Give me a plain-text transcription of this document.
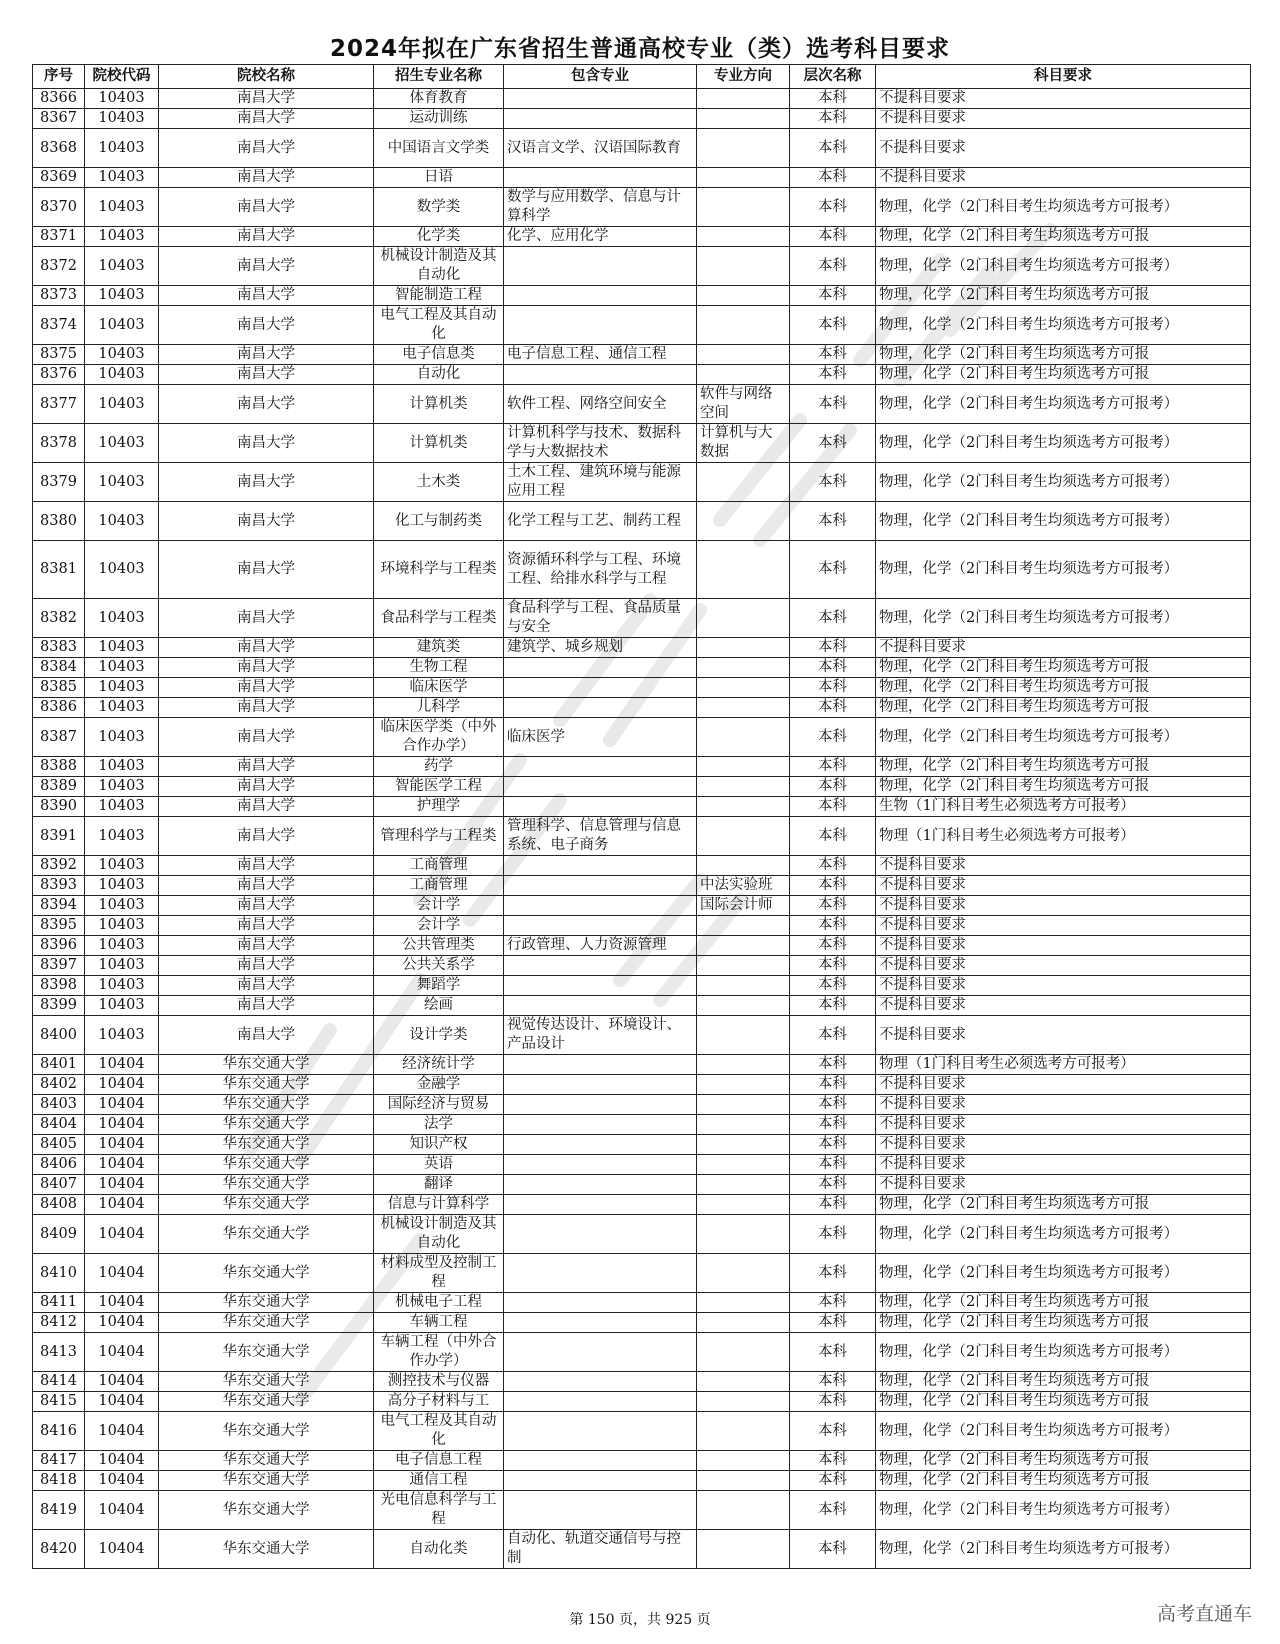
2024年拟在广东省招生普通高校专业（类）选考科目要求
序号	院校代码	院校名称	招生专业名称	包含专业	专业方向	层次名称	科目要求

8366	10403	南昌大学	体育教育			本科	不提科目要求

8367	10403	南昌大学	运动训练			本科	不提科目要求

8368	10403	南昌大学	中国语言文学类	汉语言文学、汉语国际教育		本科	不提科目要求

8369	10403	南昌大学	日语			本科	不提科目要求

8370	10403	南昌大学	数学类	数学与应用数学、信息与计算科学		本科	物理，化学（2门科目考生均须选考方可报考）

8371	10403	南昌大学	化学类	化学、应用化学		本科	物理，化学（2门科目考生均须选考方可报

8372	10403	南昌大学	机械设计制造及其自动化			本科	物理，化学（2门科目考生均须选考方可报考）

8373	10403	南昌大学	智能制造工程			本科	物理，化学（2门科目考生均须选考方可报

8374	10403	南昌大学	电气工程及其自动化			本科	物理，化学（2门科目考生均须选考方可报考）

8375	10403	南昌大学	电子信息类	电子信息工程、通信工程		本科	物理，化学（2门科目考生均须选考方可报

8376	10403	南昌大学	自动化			本科	物理，化学（2门科目考生均须选考方可报

8377	10403	南昌大学	计算机类	软件工程、网络空间安全	软件与网络空间	本科	物理，化学（2门科目考生均须选考方可报考）

8378	10403	南昌大学	计算机类	计算机科学与技术、数据科学与大数据技术	计算机与大数据	本科	物理，化学（2门科目考生均须选考方可报考）

8379	10403	南昌大学	土木类	土木工程、建筑环境与能源应用工程		本科	物理，化学（2门科目考生均须选考方可报考）

8380	10403	南昌大学	化工与制药类	化学工程与工艺、制药工程		本科	物理，化学（2门科目考生均须选考方可报考）

8381	10403	南昌大学	环境科学与工程类	资源循环科学与工程、环境工程、给排水科学与工程		本科	物理，化学（2门科目考生均须选考方可报考）

8382	10403	南昌大学	食品科学与工程类	食品科学与工程、食品质量与安全		本科	物理，化学（2门科目考生均须选考方可报考）

8383	10403	南昌大学	建筑类	建筑学、城乡规划		本科	不提科目要求

8384	10403	南昌大学	生物工程			本科	物理，化学（2门科目考生均须选考方可报

8385	10403	南昌大学	临床医学			本科	物理，化学（2门科目考生均须选考方可报

8386	10403	南昌大学	儿科学			本科	物理，化学（2门科目考生均须选考方可报

8387	10403	南昌大学	临床医学类（中外合作办学）	临床医学		本科	物理，化学（2门科目考生均须选考方可报考）

8388	10403	南昌大学	药学			本科	物理，化学（2门科目考生均须选考方可报

8389	10403	南昌大学	智能医学工程			本科	物理，化学（2门科目考生均须选考方可报

8390	10403	南昌大学	护理学			本科	生物（1门科目考生必须选考方可报考）

8391	10403	南昌大学	管理科学与工程类	管理科学、信息管理与信息系统、电子商务		本科	物理（1门科目考生必须选考方可报考）

8392	10403	南昌大学	工商管理			本科	不提科目要求

8393	10403	南昌大学	工商管理		中法实验班	本科	不提科目要求

8394	10403	南昌大学	会计学		国际会计师	本科	不提科目要求

8395	10403	南昌大学	会计学			本科	不提科目要求

8396	10403	南昌大学	公共管理类	行政管理、人力资源管理		本科	不提科目要求

8397	10403	南昌大学	公共关系学			本科	不提科目要求

8398	10403	南昌大学	舞蹈学			本科	不提科目要求

8399	10403	南昌大学	绘画			本科	不提科目要求

8400	10403	南昌大学	设计学类	视觉传达设计、环境设计、产品设计		本科	不提科目要求

8401	10404	华东交通大学	经济统计学			本科	物理（1门科目考生必须选考方可报考）

8402	10404	华东交通大学	金融学			本科	不提科目要求

8403	10404	华东交通大学	国际经济与贸易			本科	不提科目要求

8404	10404	华东交通大学	法学			本科	不提科目要求

8405	10404	华东交通大学	知识产权			本科	不提科目要求

8406	10404	华东交通大学	英语			本科	不提科目要求

8407	10404	华东交通大学	翻译			本科	不提科目要求

8408	10404	华东交通大学	信息与计算科学			本科	物理，化学（2门科目考生均须选考方可报

8409	10404	华东交通大学	机械设计制造及其自动化			本科	物理，化学（2门科目考生均须选考方可报考）

8410	10404	华东交通大学	材料成型及控制工程			本科	物理，化学（2门科目考生均须选考方可报考）

8411	10404	华东交通大学	机械电子工程			本科	物理，化学（2门科目考生均须选考方可报

8412	10404	华东交通大学	车辆工程			本科	物理，化学（2门科目考生均须选考方可报

8413	10404	华东交通大学	车辆工程（中外合作办学）			本科	物理，化学（2门科目考生均须选考方可报考）

8414	10404	华东交通大学	测控技术与仪器			本科	物理，化学（2门科目考生均须选考方可报

8415	10404	华东交通大学	高分子材料与工			本科	物理，化学（2门科目考生均须选考方可报

8416	10404	华东交通大学	电气工程及其自动化			本科	物理，化学（2门科目考生均须选考方可报考）

8417	10404	华东交通大学	电子信息工程			本科	物理，化学（2门科目考生均须选考方可报

8418	10404	华东交通大学	通信工程			本科	物理，化学（2门科目考生均须选考方可报

8419	10404	华东交通大学	光电信息科学与工程			本科	物理，化学（2门科目考生均须选考方可报考）

8420	10404	华东交通大学	自动化类	自动化、轨道交通信号与控制		本科	物理，化学（2门科目考生均须选考方可报考）
第 150 页，共 925 页	高考直通车
